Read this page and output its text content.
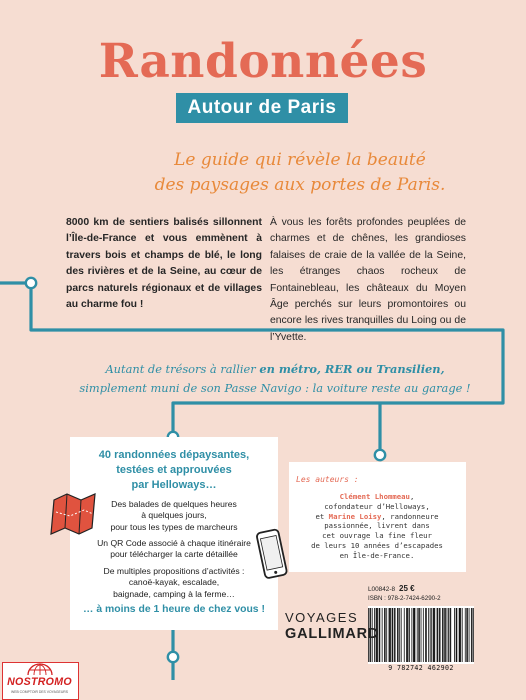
Randonnées
Autour de Paris
Le guide qui révèle la beauté
des paysages aux portes de Paris.
8000 km de sentiers balisés sillonnent l’Île-de-France et vous emmènent à travers bois et champs de blé, le long des rivières et de la Seine, au cœur de parcs naturels régionaux et de villages au charme fou !
À vous les forêts profondes peuplées de charmes et de chênes, les grandioses falaises de craie de la vallée de la Seine, les étranges chaos rocheux de Fontainebleau, les châteaux du Moyen Âge perchés sur leurs promontoires ou encore les rives tranquilles du Loing ou de l’Yvette.
Autant de trésors à rallier en métro, RER ou Transilien,
simplement muni de son Passe Navigo : la voiture reste au garage !
40 randonnées dépaysantes,
testées et approuvées
par Helloways…
Des balades de quelques heures
à quelques jours,
pour tous les types de marcheurs
Un QR Code associé à chaque itinéraire
pour télécharger la carte détaillée
De multiples propositions d’activités :
canoë-kayak, escalade,
baignade, camping à la ferme…
… à moins de 1 heure de chez vous !
Les auteurs :
Clément Lhommeau,
cofondateur d’Helloways,
et Marine Loisy, randonneure
passionnée, livrent dans
cet ouvrage la fine fleur
de leurs 10 années d’escapades
en Île-de-France.
L00842-8 25 €
ISBN : 978-2-7424-6290-2
9 782742 462902
VOYAGES
GALLIMARD
NOSTROMO
WEB COMPTOIR DES VOYAGEURS
